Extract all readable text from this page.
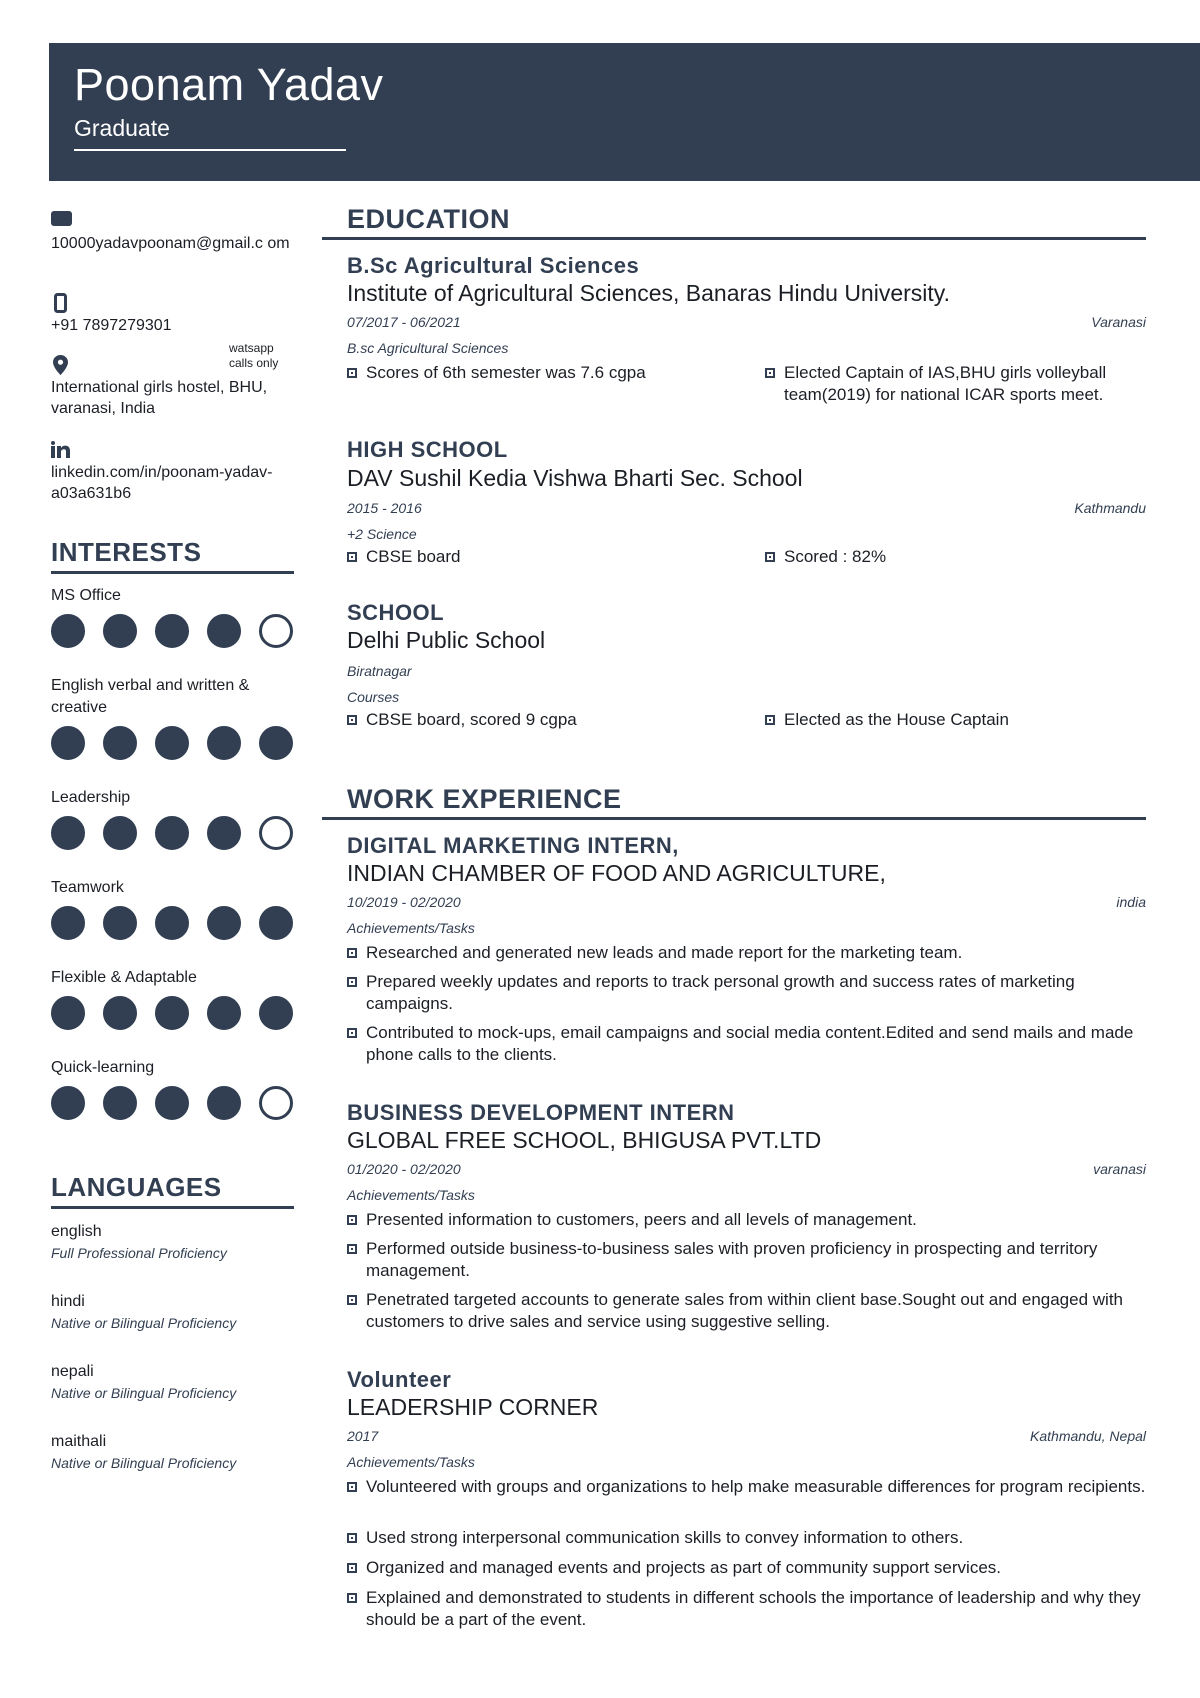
Poonam Yadav
Graduate
10000yadavpoonam@gmail.c om
+91 7897279301
watsapp
calls only
International girls hostel, BHU, varanasi, India
linkedin.com/in/poonam-yadav-a03a631b6
INTERESTS
MS Office
English verbal and written & creative
Leadership
Teamwork
Flexible & Adaptable
Quick-learning
LANGUAGES
english
Full Professional Proficiency
hindi
Native or Bilingual Proficiency
nepali
Native or Bilingual Proficiency
maithali
Native or Bilingual Proficiency
EDUCATION
B.Sc Agricultural Sciences
Institute of Agricultural Sciences, Banaras Hindu University.
07/2017 - 06/2021	Varanasi
B.sc Agricultural Sciences
Scores of 6th semester was 7.6 cgpa	Elected Captain of IAS,BHU girls volleyball team(2019) for national ICAR sports meet.
HIGH SCHOOL
DAV Sushil Kedia Vishwa Bharti Sec. School
2015 - 2016	Kathmandu
+2 Science
CBSE board	Scored : 82%
SCHOOL
Delhi Public School
Biratnagar
Courses
CBSE board, scored 9 cgpa	Elected as the House Captain
WORK EXPERIENCE
DIGITAL MARKETING INTERN,
INDIAN CHAMBER OF FOOD AND AGRICULTURE,
10/2019 - 02/2020	india
Achievements/Tasks
Researched and generated new leads and made report for the marketing team.
Prepared weekly updates and reports to track personal growth and success rates of marketing campaigns.
Contributed to mock-ups, email campaigns and social media content.Edited and send mails and made phone calls to the clients.
BUSINESS DEVELOPMENT INTERN
GLOBAL FREE SCHOOL, BHIGUSA PVT.LTD
01/2020 - 02/2020	varanasi
Achievements/Tasks
Presented information to customers, peers and all levels of management.
Performed outside business-to-business sales with proven proficiency in prospecting and territory management.
Penetrated targeted accounts to generate sales from within client base.Sought out and engaged with customers to drive sales and service using suggestive selling.
Volunteer
LEADERSHIP CORNER
2017	Kathmandu, Nepal
Achievements/Tasks
Volunteered with groups and organizations to help make measurable differences for program recipients.
Used strong interpersonal communication skills to convey information to others.
Organized and managed events and projects as part of community support services.
Explained and demonstrated to students in different schools the importance of leadership and why they should be a part of the event.
